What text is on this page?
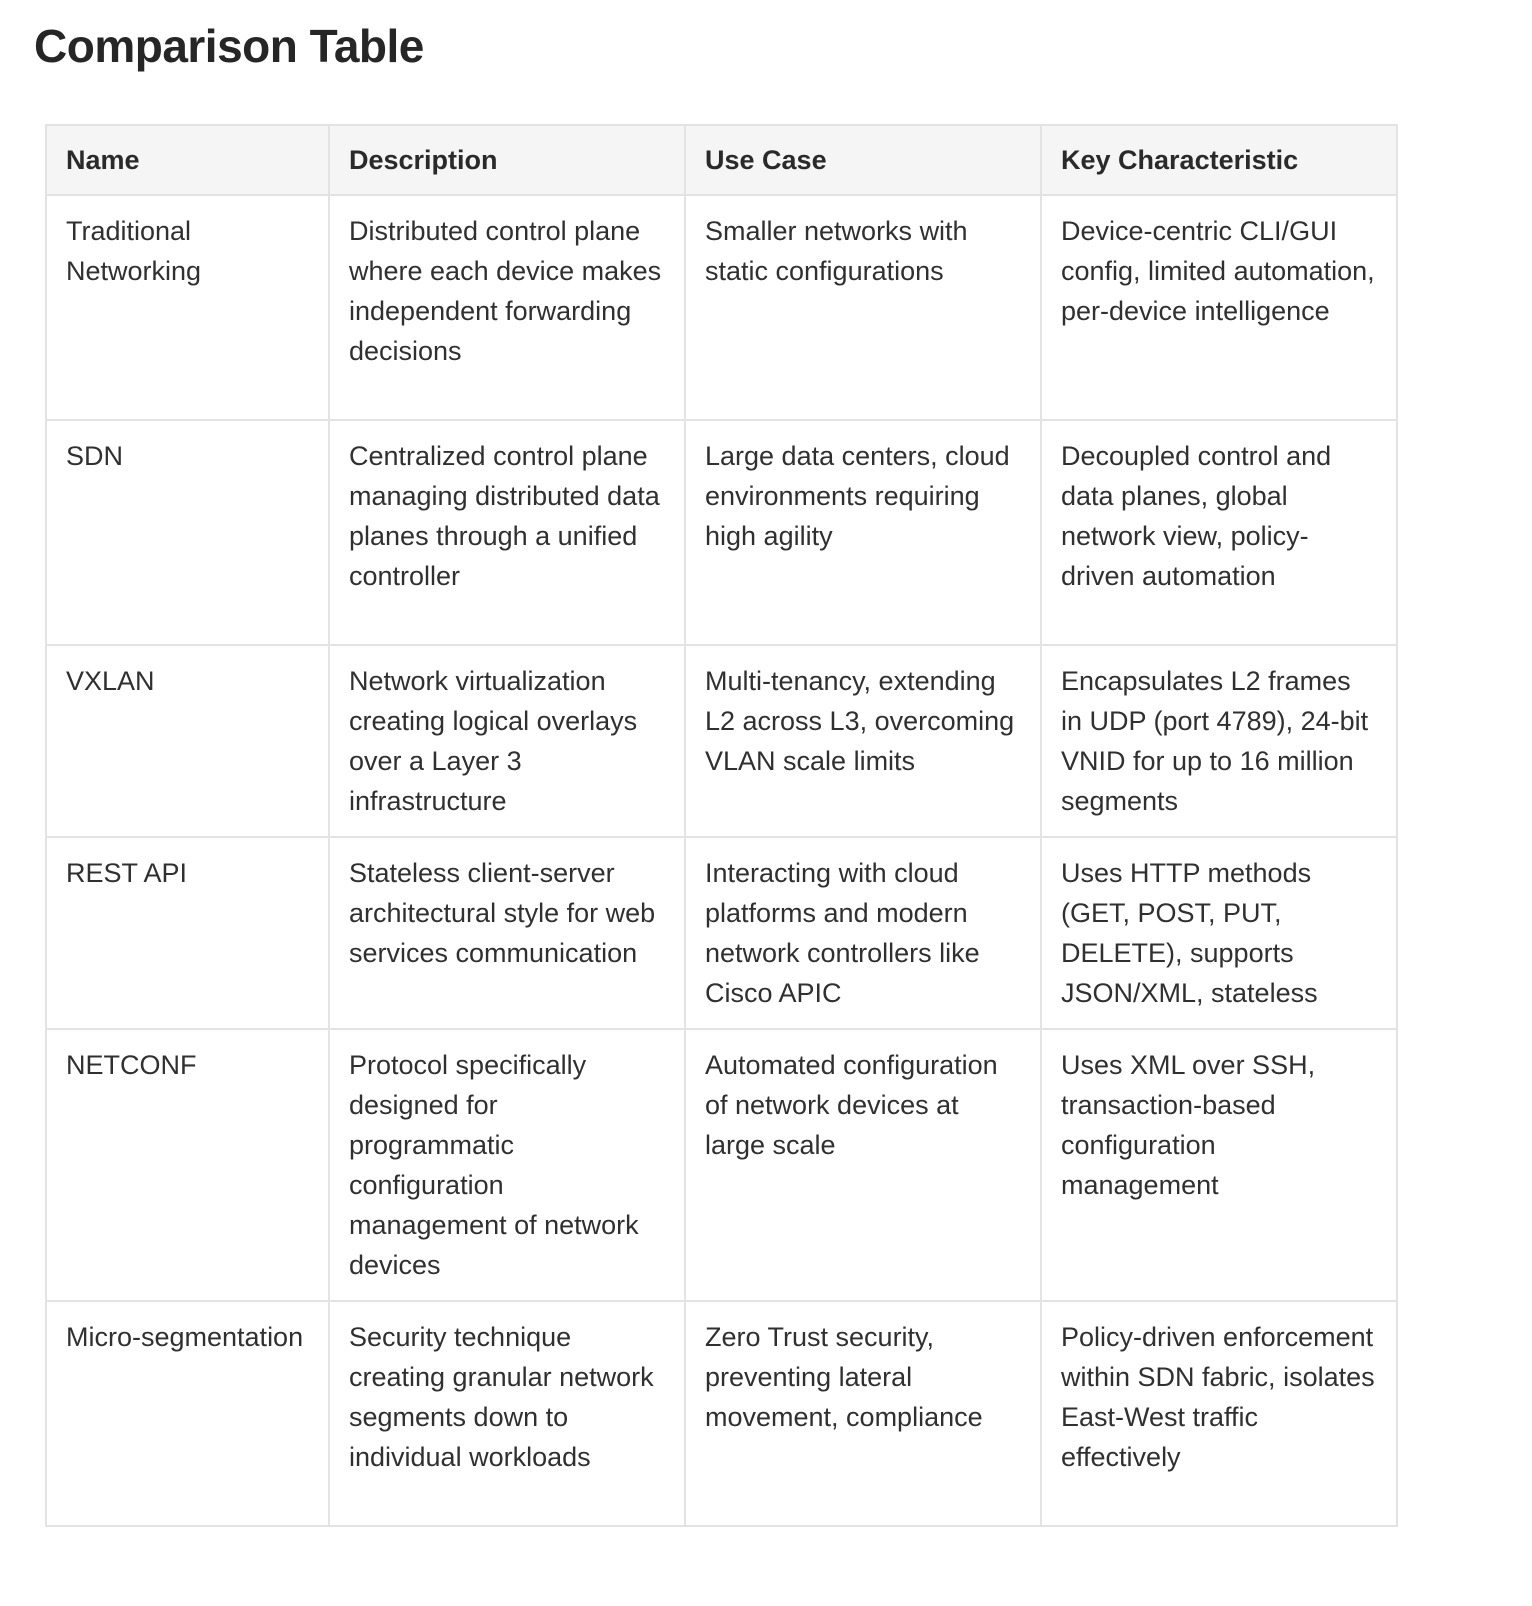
Comparison Table
Name	Description	Use Case	Key Characteristic
Traditional Networking	Distributed control plane where each device makes independent forwarding decisions	Smaller networks with static configurations	Device-centric CLI/GUI config, limited automation, per-device intelligence
SDN	Centralized control plane managing distributed data planes through a unified controller	Large data centers, cloud environments requiring high agility	Decoupled control and data planes, global network view, policy-driven automation
VXLAN	Network virtualization creating logical overlays over a Layer 3 infrastructure	Multi-tenancy, extending L2 across L3, overcoming VLAN scale limits	Encapsulates L2 frames in UDP (port 4789), 24-bit VNID for up to 16 million segments
REST API	Stateless client-server architectural style for web services communication	Interacting with cloud platforms and modern network controllers like Cisco APIC	Uses HTTP methods (GET, POST, PUT, DELETE), supports JSON/XML, stateless
NETCONF	Protocol specifically designed for programmatic configuration management of network devices	Automated configuration of network devices at large scale	Uses XML over SSH, transaction-based configuration management
Micro-segmentation	Security technique creating granular network segments down to individual workloads	Zero Trust security, preventing lateral movement, compliance	Policy-driven enforcement within SDN fabric, isolates East-West traffic effectively
